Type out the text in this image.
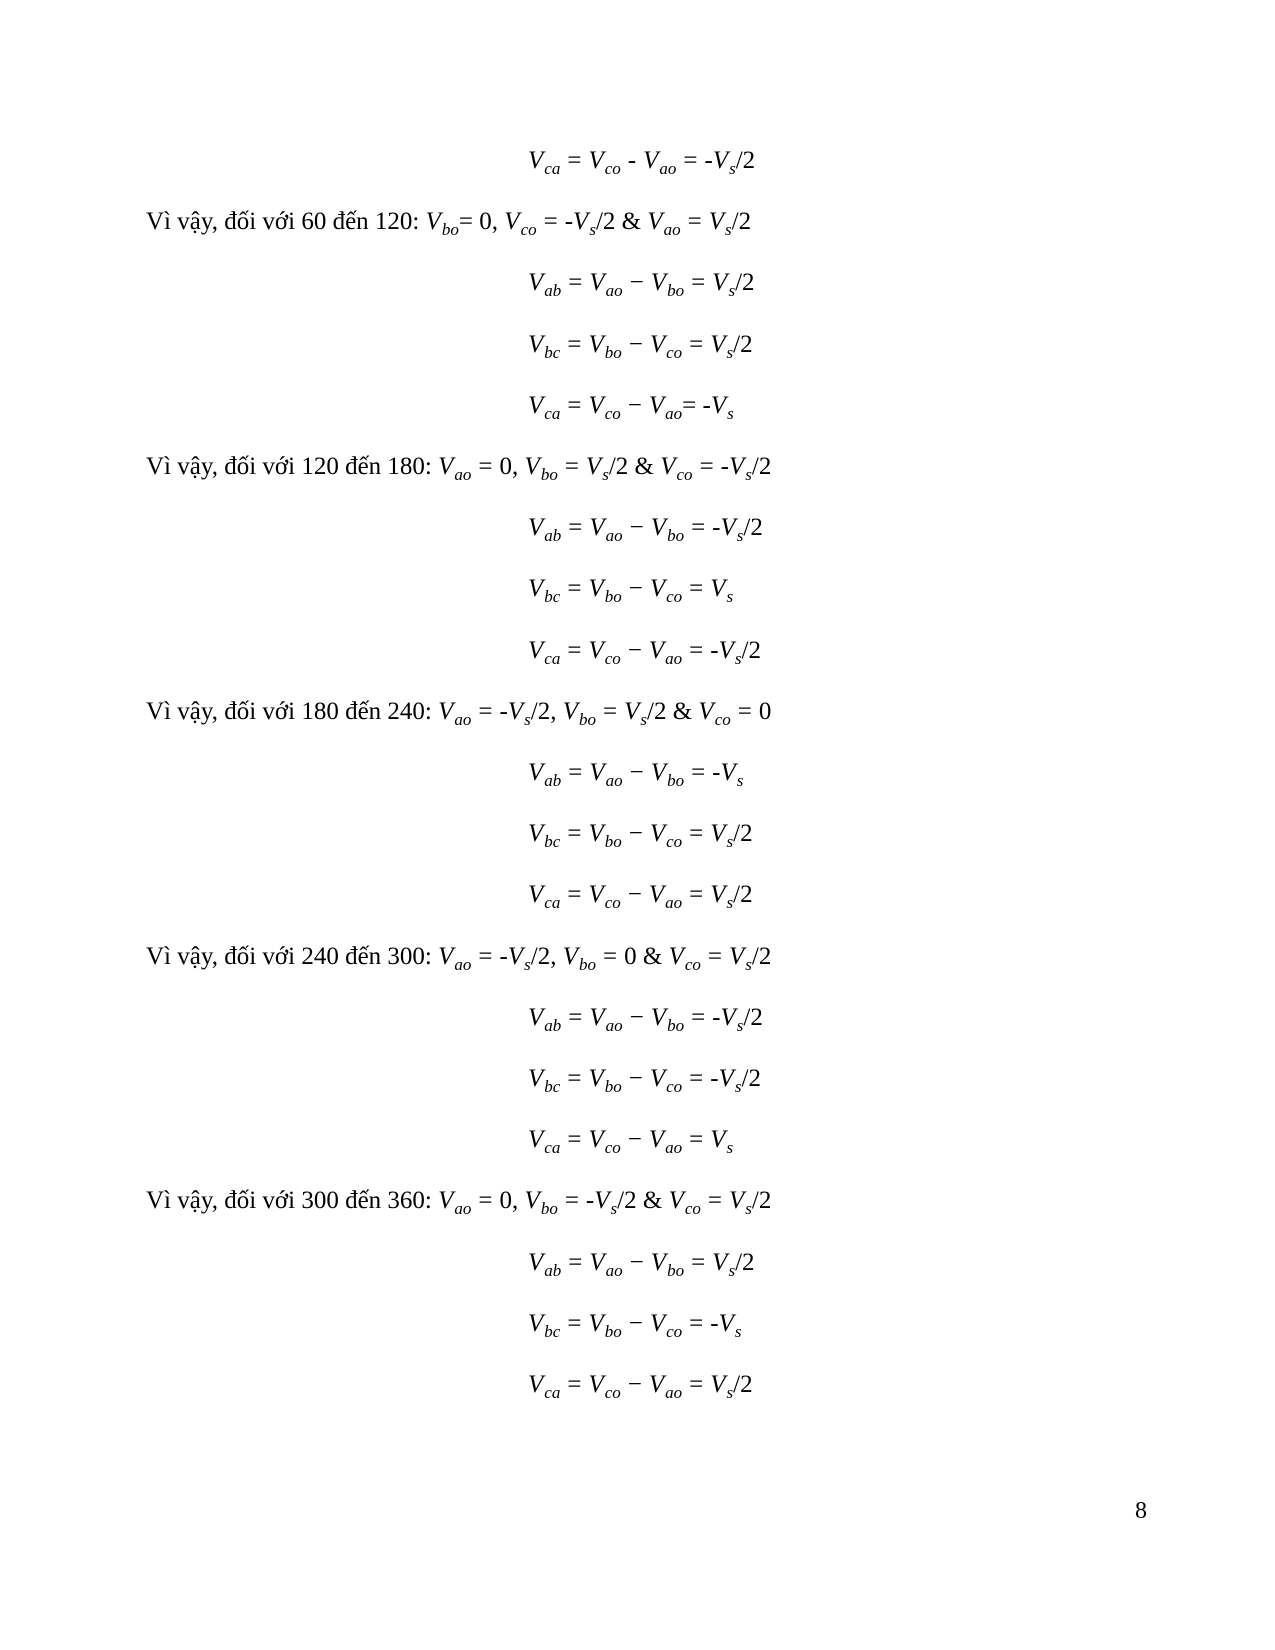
$V_{ca} = V_{co} - V_{ao} = -V_s/2$
Vì vậy, đối với 60 đến 120: $V_{bo}= 0$, $V_{co} = -V_s/2$ & $V_{ao} = V_s/2$
$V_{ab} = V_{ao} - V_{bo} = V_s/2$
$V_{bc} = V_{bo} - V_{co} = V_s/2$
$V_{ca} = V_{co} - V_{ao}= -V_s$
Vì vậy, đối với 120 đến 180: $V_{ao} = 0$, $V_{bo} = V_s/2$ & $V_{co} = -V_s/2$
$V_{ab} = V_{ao} - V_{bo} = -V_s/2$
$V_{bc} = V_{bo} - V_{co} = V_s$
$V_{ca} = V_{co} - V_{ao} = -V_s/2$
Vì vậy, đối với 180 đến 240: $V_{ao} = -V_s/2$, $V_{bo} = V_s/2$ & $V_{co} = 0$
$V_{ab} = V_{ao} - V_{bo} = -V_s$
$V_{bc} = V_{bo} - V_{co} = V_s/2$
$V_{ca} = V_{co} - V_{ao} = V_s/2$
Vì vậy, đối với 240 đến 300: $V_{ao} = -V_s/2$, $V_{bo} = 0$ & $V_{co} = V_s/2$
$V_{ab} = V_{ao} - V_{bo} = -V_s/2$
$V_{bc} = V_{bo} - V_{co} = -V_s/2$
$V_{ca} = V_{co} - V_{ao} = V_s$
Vì vậy, đối với 300 đến 360: $V_{ao} = 0$, $V_{bo} = -V_s/2$ & $V_{co} = V_s/2$
$V_{ab} = V_{ao} - V_{bo} = V_s/2$
$V_{bc} = V_{bo} - V_{co} = -V_s$
$V_{ca} = V_{co} - V_{ao} = V_s/2$
8
